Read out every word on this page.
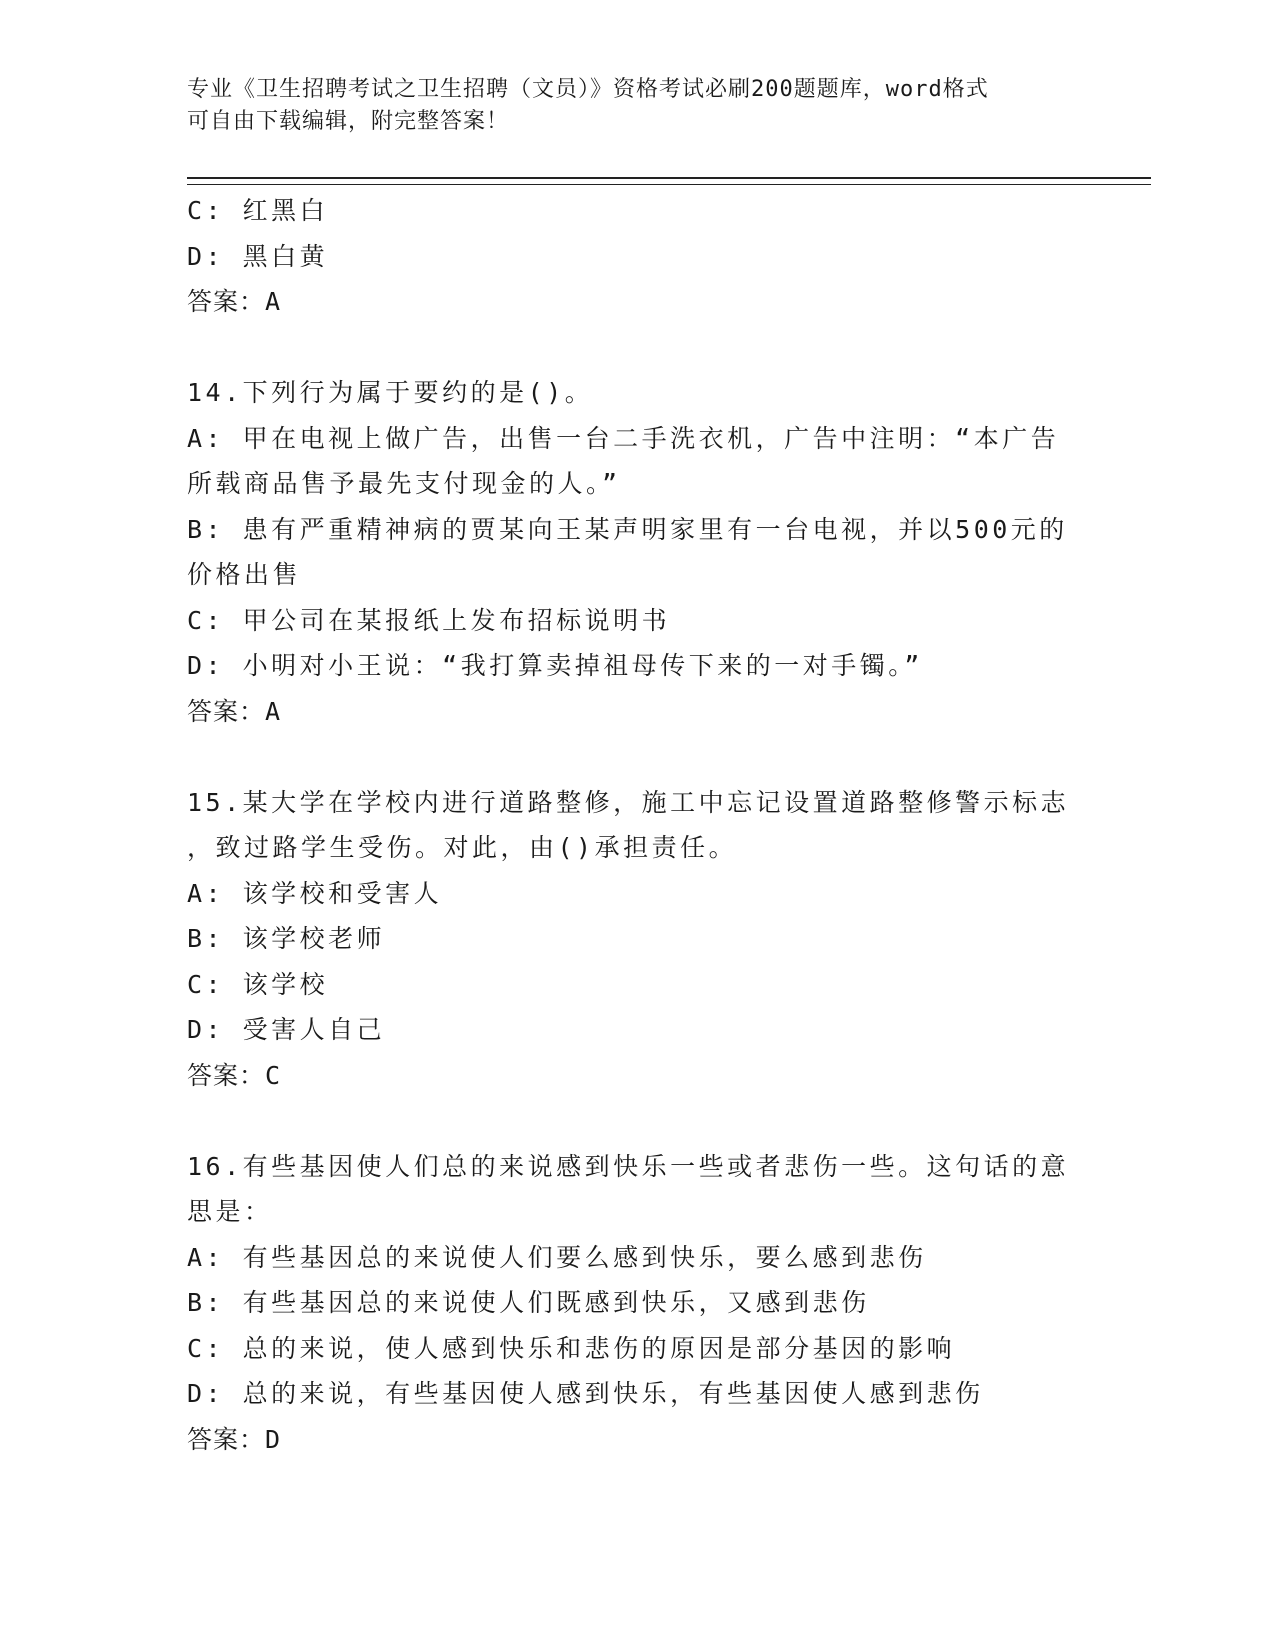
专业《卫生招聘考试之卫生招聘（文员）》资格考试必刷200题题库，word格式
可自由下载编辑，附完整答案！
C: 红黑白
D: 黑白黄
答案：A
14.下列行为属于要约的是()。
A: 甲在电视上做广告，出售一台二手洗衣机，广告中注明：“本广告
所载商品售予最先支付现金的人。”
B: 患有严重精神病的贾某向王某声明家里有一台电视，并以500元的
价格出售
C: 甲公司在某报纸上发布招标说明书
D: 小明对小王说：“我打算卖掉祖母传下来的一对手镯。”
答案：A
15.某大学在学校内进行道路整修，施工中忘记设置道路整修警示标志
，致过路学生受伤。对此，由()承担责任。
A: 该学校和受害人
B: 该学校老师
C: 该学校
D: 受害人自己
答案：C
16.有些基因使人们总的来说感到快乐一些或者悲伤一些。这句话的意
思是：
A: 有些基因总的来说使人们要么感到快乐，要么感到悲伤
B: 有些基因总的来说使人们既感到快乐，又感到悲伤
C: 总的来说，使人感到快乐和悲伤的原因是部分基因的影响
D: 总的来说，有些基因使人感到快乐，有些基因使人感到悲伤
答案：D
